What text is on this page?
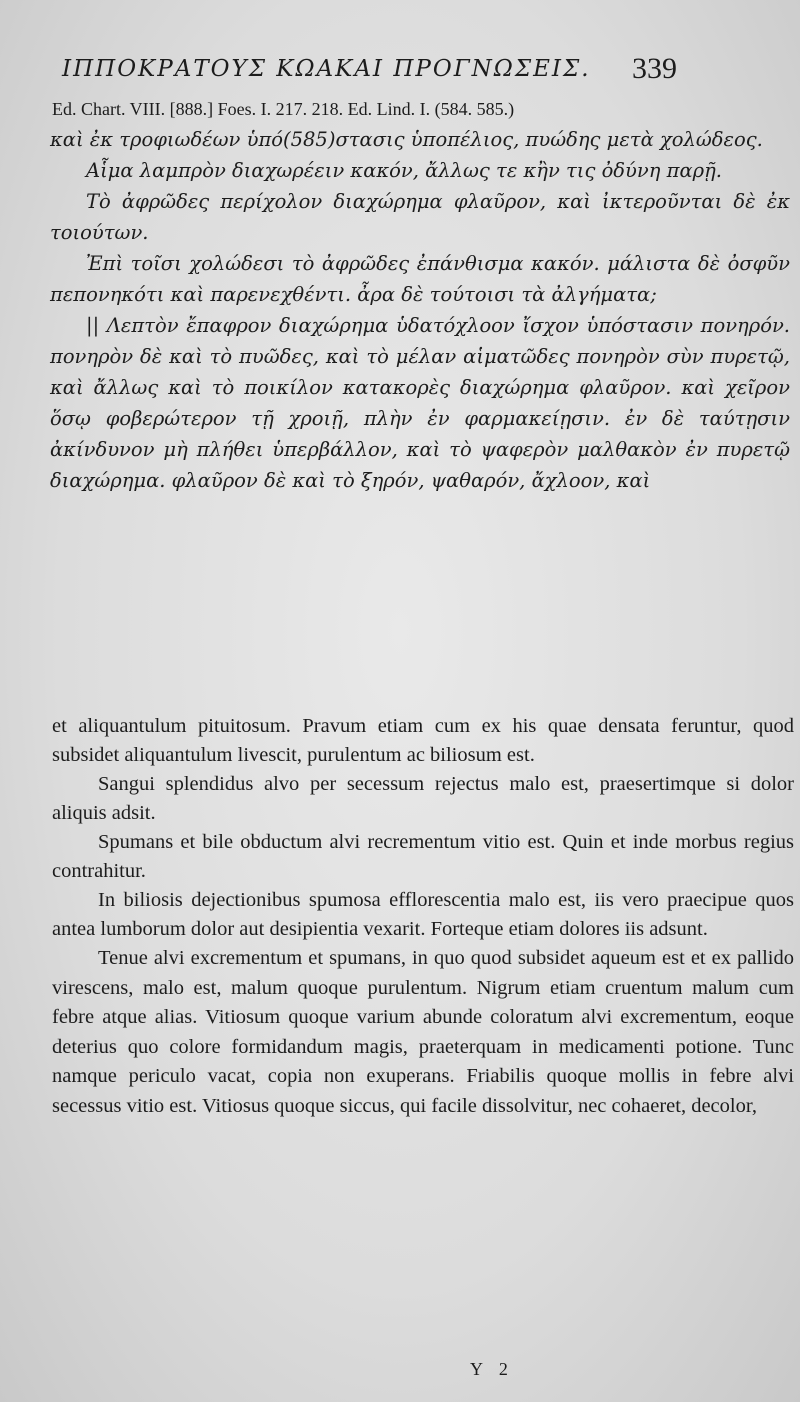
ΙΠΠΟΚΡΑΤΟΥΣ ΚΩΑΚΑΙ ΠΡΟΓΝΩΣΕΙΣ. 339
Ed. Chart. VIII. [888.] Foes. I. 217. 218. Ed. Lind. I. (584. 585.)

καὶ ἐκ τροφιωδέων ὑπό(585)στασις ὑποπέλιος, πυώδης μετὰ χολώδεος.

Αἷμα λαμπρὸν διαχωρέειν κακόν, ἄλλως τε κἢν τις ὀδύνη παρῇ.

Τὸ ἀφρῶδες περίχολον διαχώρημα φλαῦρον, καὶ ἰκτεροῦνται δὲ ἐκ τοιούτων.

Ἐπὶ τοῖσι χολώδεσι τὸ ἀφρῶδες ἐπάνθισμα κακόν. μάλιστα δὲ ὀσφῦν πεπονηκότι καὶ παρενεχθέντι. ἆρα δὲ τούτοισι τὰ ἀλγήματα;

|| Λεπτὸν ἔπαφρον διαχώρημα ὑδατόχλοον ἴσχον ὑπόστασιν πονηρόν. πονηρὸν δὲ καὶ τὸ πυῶδες, καὶ τὸ μέλαν αἱματῶδες πονηρὸν σὺν πυρετῷ, καὶ ἄλλως καὶ τὸ ποικίλον κατακορὲς διαχώρημα φλαῦρον. καὶ χεῖρον ὅσῳ φοβερώτερον τῇ χροιῇ, πλὴν ἐν φαρμακείῃσιν. ἐν δὲ ταύτῃσιν ἀκίνδυνον μὴ πλήθει ὑπερβάλλον, καὶ τὸ ψαφερὸν μαλθακὸν ἐν πυρετῷ διαχώρημα. φλαῦρον δὲ καὶ τὸ ξηρόν, ψαθαρόν, ἄχλοον, καὶ

et aliquantulum pituitosum. Pravum etiam cum ex his quae densata feruntur, quod subsidet aliquantulum livescit, purulentum ac biliosum est.

Sangui splendidus alvo per secessum rejectus malo est, praesertimque si dolor aliquis adsit.

Spumans et bile obductum alvi recrementum vitio est. Quin et inde morbus regius contrahitur.

In biliosis dejectionibus spumosa efflorescentia malo est, iis vero praecipue quos antea lumborum dolor aut desipientia vexarit. Forteque etiam dolores iis adsunt.

Tenue alvi excrementum et spumans, in quo quod subsidet aqueum est et ex pallido virescens, malo est, malum quoque purulentum. Nigrum etiam cruentum malum cum febre atque alias. Vitiosum quoque varium abunde coloratum alvi excrementum, eoque deterius quo colore formidandum magis, praeterquam in medicamenti potione. Tunc namque periculo vacat, copia non exuperans. Friabilis quoque mollis in febre alvi secessus vitio est. Vitiosus quoque siccus, qui facile dissolvitur, nec cohaeret, decolor,

Y 2
